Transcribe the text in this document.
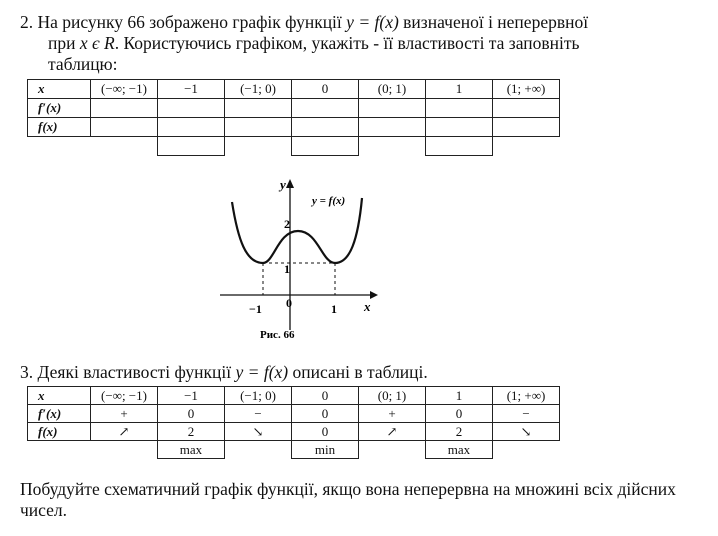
2. На рисунку 66 зображено графік функції y = f(x) визначеної і неперервної
при x є R. Користуючись графіком, укажіть - її властивості та заповніть
таблицю:
x	(−∞; −1)	−1	(−1; 0)	0	(0; 1)	1	(1; +∞)
f′(x)							
f(x)							

y
x
y = f(x)
2
1
−1 0	1
Рис. 66
3. Деякі властивості функції y = f(x) описані в таблиці.
x	(−∞; −1)	−1	(−1; 0)	0	(0; 1)	1	(1; +∞)
f′(x)	+	0	−	0	+	0	−
f(x)	↗	2	↘	0	↗	2	↘
		max		min		max	
Побудуйте схематичний графік функції, якщо вона неперервна на множині всіх дійсних чисел.
